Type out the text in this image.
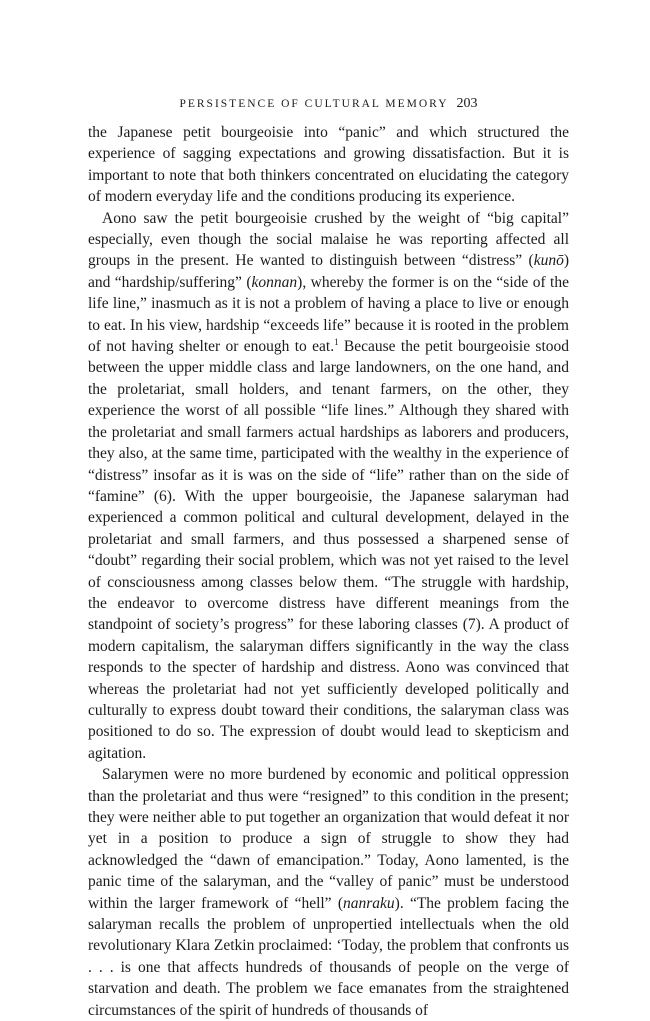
PERSISTENCE OF CULTURAL MEMORY 203

the Japanese petit bourgeoisie into “panic” and which structured the experience of sagging expectations and growing dissatisfaction. But it is important to note that both thinkers concentrated on elucidating the category of modern everyday life and the conditions producing its experience.

Aono saw the petit bourgeoisie crushed by the weight of “big capital” especially, even though the social malaise he was reporting affected all groups in the present. He wanted to distinguish between “distress” (kunō) and “hardship/suffering” (konnan), whereby the former is on the “side of the life line,” inasmuch as it is not a problem of having a place to live or enough to eat. In his view, hardship “exceeds life” because it is rooted in the problem of not having shelter or enough to eat.$^1$ Because the petit bourgeoisie stood between the upper middle class and large landowners, on the one hand, and the proletariat, small holders, and tenant farmers, on the other, they experience the worst of all possible “life lines.” Although they shared with the proletariat and small farmers actual hardships as laborers and producers, they also, at the same time, participated with the wealthy in the experience of “distress” insofar as it is was on the side of “life” rather than on the side of “famine” (6). With the upper bourgeoisie, the Japanese salaryman had experienced a common political and cultural development, delayed in the proletariat and small farmers, and thus possessed a sharpened sense of “doubt” regarding their social problem, which was not yet raised to the level of consciousness among classes below them. “The struggle with hardship, the endeavor to overcome distress have different meanings from the standpoint of society’s progress” for these laboring classes (7). A product of modern capitalism, the salaryman differs significantly in the way the class responds to the specter of hardship and distress. Aono was convinced that whereas the proletariat had not yet sufficiently developed politically and culturally to express doubt toward their conditions, the salaryman class was positioned to do so. The expression of doubt would lead to skepticism and agitation.

Salarymen were no more burdened by economic and political oppression than the proletariat and thus were “resigned” to this condition in the present; they were neither able to put together an organization that would defeat it nor yet in a position to produce a sign of struggle to show they had acknowledged the “dawn of emancipation.” Today, Aono lamented, is the panic time of the salaryman, and the “valley of panic” must be understood within the larger framework of “hell” (nanraku). “The problem facing the salaryman recalls the problem of unpropertied intellectuals when the old revolutionary Klara Zetkin proclaimed: ‘Today, the problem that confronts us . . . is one that affects hundreds of thousands of people on the verge of starvation and death. The problem we face emanates from the straightened circumstances of the spirit of hundreds of thousands of
